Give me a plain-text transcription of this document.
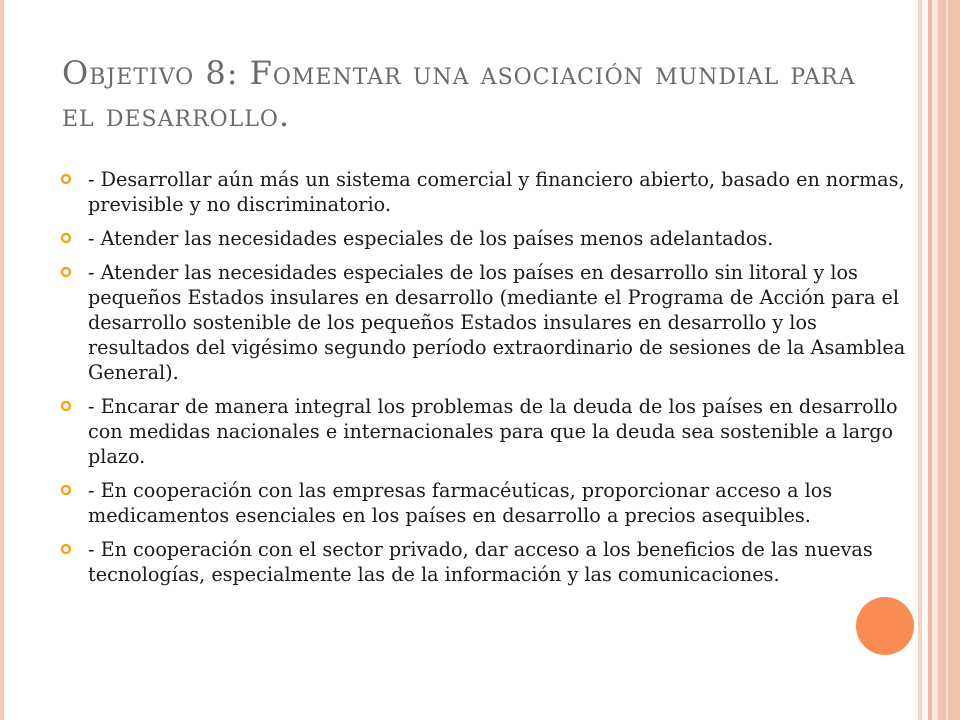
Objetivo 8: Fomentar una asociación mundial para el desarrollo.
- Desarrollar aún más un sistema comercial y financiero abierto, basado en normas, previsible y no discriminatorio.
- Atender las necesidades especiales de los países menos adelantados.
- Atender las necesidades especiales de los países en desarrollo sin litoral y los pequeños Estados insulares en desarrollo (mediante el Programa de Acción para el desarrollo sostenible de los pequeños Estados insulares en desarrollo y los resultados del vigésimo segundo período extraordinario de sesiones de la Asamblea General).
- Encarar de manera integral los problemas de la deuda de los países en desarrollo con medidas nacionales e internacionales para que la deuda sea sostenible a largo plazo.
- En cooperación con las empresas farmacéuticas, proporcionar acceso a los medicamentos esenciales en los países en desarrollo a precios asequibles.
- En cooperación con el sector privado, dar acceso a los beneficios de las nuevas tecnologías, especialmente las de la información y las comunicaciones.
